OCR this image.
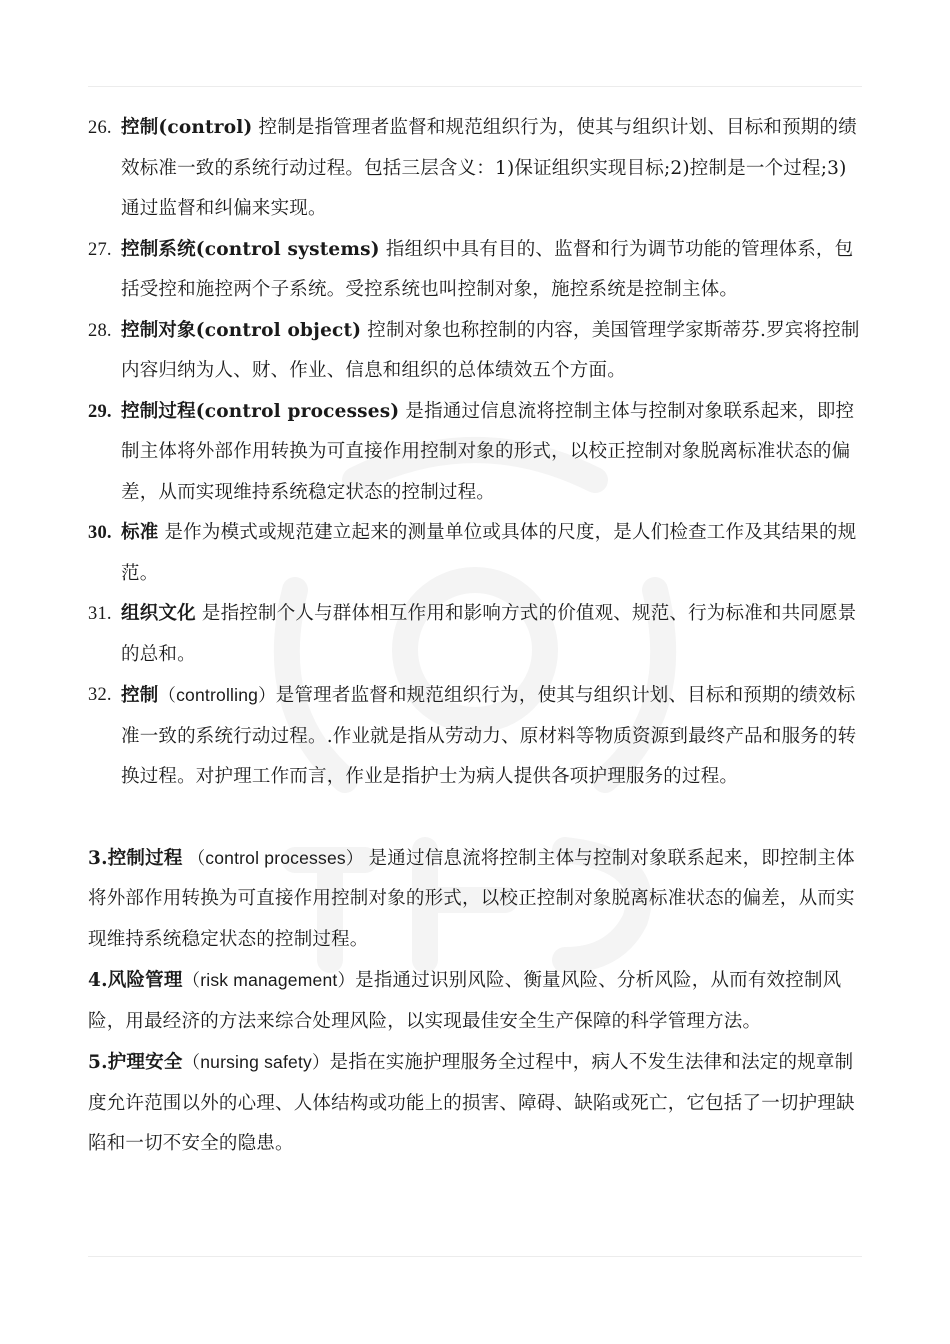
26. 控制(control) 控制是指管理者监督和规范组织行为，使其与组织计划、目标和预期的绩效标准一致的系统行动过程。包括三层含义：1)保证组织实现目标;2)控制是一个过程;3)通过监督和纠偏来实现。

27. 控制系统(control systems) 指组织中具有目的、监督和行为调节功能的管理体系，包括受控和施控两个子系统。受控系统也叫控制对象，施控系统是控制主体。

28. 控制对象(control object) 控制对象也称控制的内容，美国管理学家斯蒂芬.罗宾将控制内容归纳为人、财、作业、信息和组织的总体绩效五个方面。

29. 控制过程(control processes) 是指通过信息流将控制主体与控制对象联系起来，即控制主体将外部作用转换为可直接作用控制对象的形式，以校正控制对象脱离标准状态的偏差，从而实现维持系统稳定状态的控制过程。

30. 标准 是作为模式或规范建立起来的测量单位或具体的尺度，是人们检查工作及其结果的规范。

31. 组织文化 是指控制个人与群体相互作用和影响方式的价值观、规范、行为标准和共同愿景的总和。

32. 控制（controlling）是管理者监督和规范组织行为，使其与组织计划、目标和预期的绩效标准一致的系统行动过程。.作业就是指从劳动力、原材料等物质资源到最终产品和服务的转换过程。对护理工作而言，作业是指护士为病人提供各项护理服务的过程。

3.控制过程 （control processes） 是通过信息流将控制主体与控制对象联系起来，即控制主体将外部作用转换为可直接作用控制对象的形式，以校正控制对象脱离标准状态的偏差，从而实现维持系统稳定状态的控制过程。

4.风险管理（risk management）是指通过识别风险、衡量风险、分析风险，从而有效控制风险，用最经济的方法来综合处理风险，以实现最佳安全生产保障的科学管理方法。

5.护理安全（nursing safety）是指在实施护理服务全过程中，病人不发生法律和法定的规章制度允许范围以外的心理、人体结构或功能上的损害、障碍、缺陷或死亡，它包括了一切护理缺陷和一切不安全的隐患。
